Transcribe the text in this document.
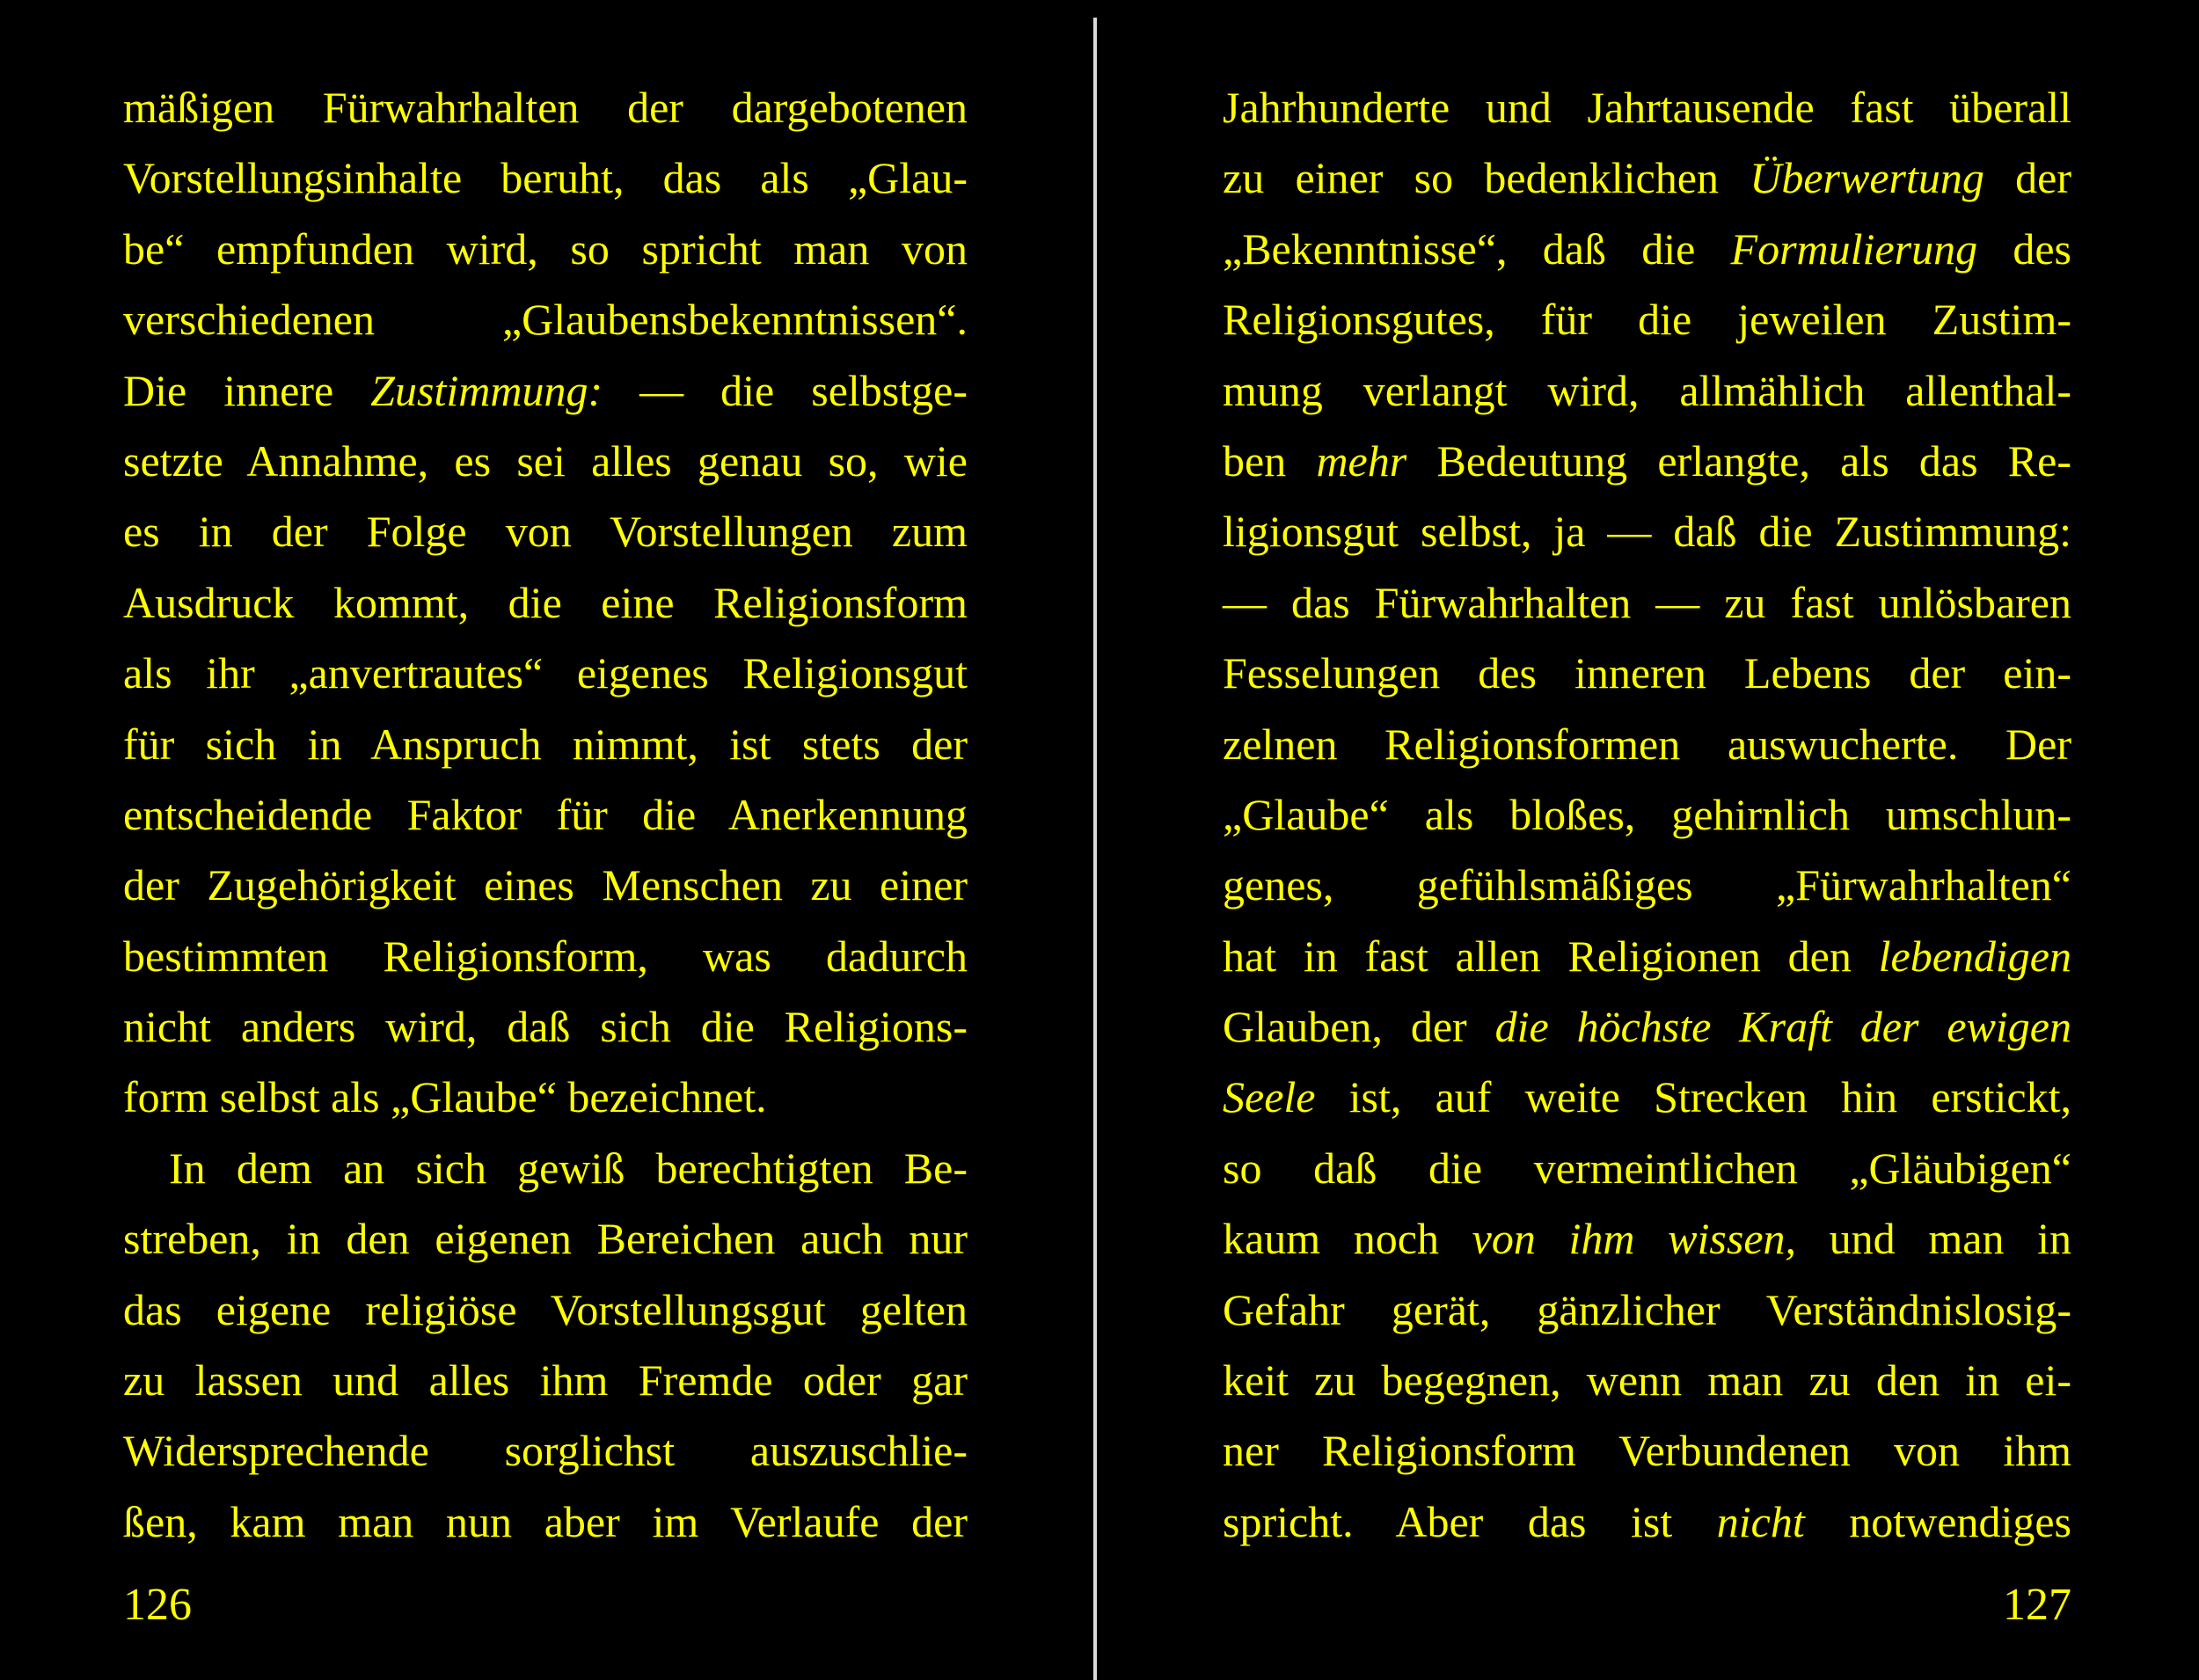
mäßigen Fürwahrhalten der dargebotenen
Vorstellungsinhalte beruht, das als „Glau-
be“ empfunden wird, so spricht man von
verschiedenen „Glaubensbekenntnissen“.
Die innere Zustimmung: — die selbstge-
setzte Annahme, es sei alles genau so, wie
es in der Folge von Vorstellungen zum
Ausdruck kommt, die eine Religionsform
als ihr „anvertrautes“ eigenes Religionsgut
für sich in Anspruch nimmt, ist stets der
entscheidende Faktor für die Anerkennung
der Zugehörigkeit eines Menschen zu einer
bestimmten Religionsform, was dadurch
nicht anders wird, daß sich die Religions-
form selbst als „Glaube“ bezeichnet.
In dem an sich gewiß berechtigten Be-
streben, in den eigenen Bereichen auch nur
das eigene religiöse Vorstellungsgut gelten
zu lassen und alles ihm Fremde oder gar
Widersprechende sorglichst auszuschlie-
ßen, kam man nun aber im Verlaufe der
126
Jahrhunderte und Jahrtausende fast überall
zu einer so bedenklichen Überwertung der
„Bekenntnisse“, daß die Formulierung des
Religionsgutes, für die jeweilen Zustim-
mung verlangt wird, allmählich allenthal-
ben mehr Bedeutung erlangte, als das Re-
ligionsgut selbst, ja — daß die Zustimmung:
— das Fürwahrhalten — zu fast unlösbaren
Fesselungen des inneren Lebens der ein-
zelnen Religionsformen auswucherte. Der
„Glaube“ als bloßes, gehirnlich umschlun-
genes, gefühlsmäßiges „Fürwahrhalten“
hat in fast allen Religionen den lebendigen
Glauben, der die höchste Kraft der ewigen
Seele ist, auf weite Strecken hin erstickt,
so daß die vermeintlichen „Gläubigen“
kaum noch von ihm wissen, und man in
Gefahr gerät, gänzlicher Verständnislosig-
keit zu begegnen, wenn man zu den in ei-
ner Religionsform Verbundenen von ihm
spricht. Aber das ist nicht notwendiges
127
